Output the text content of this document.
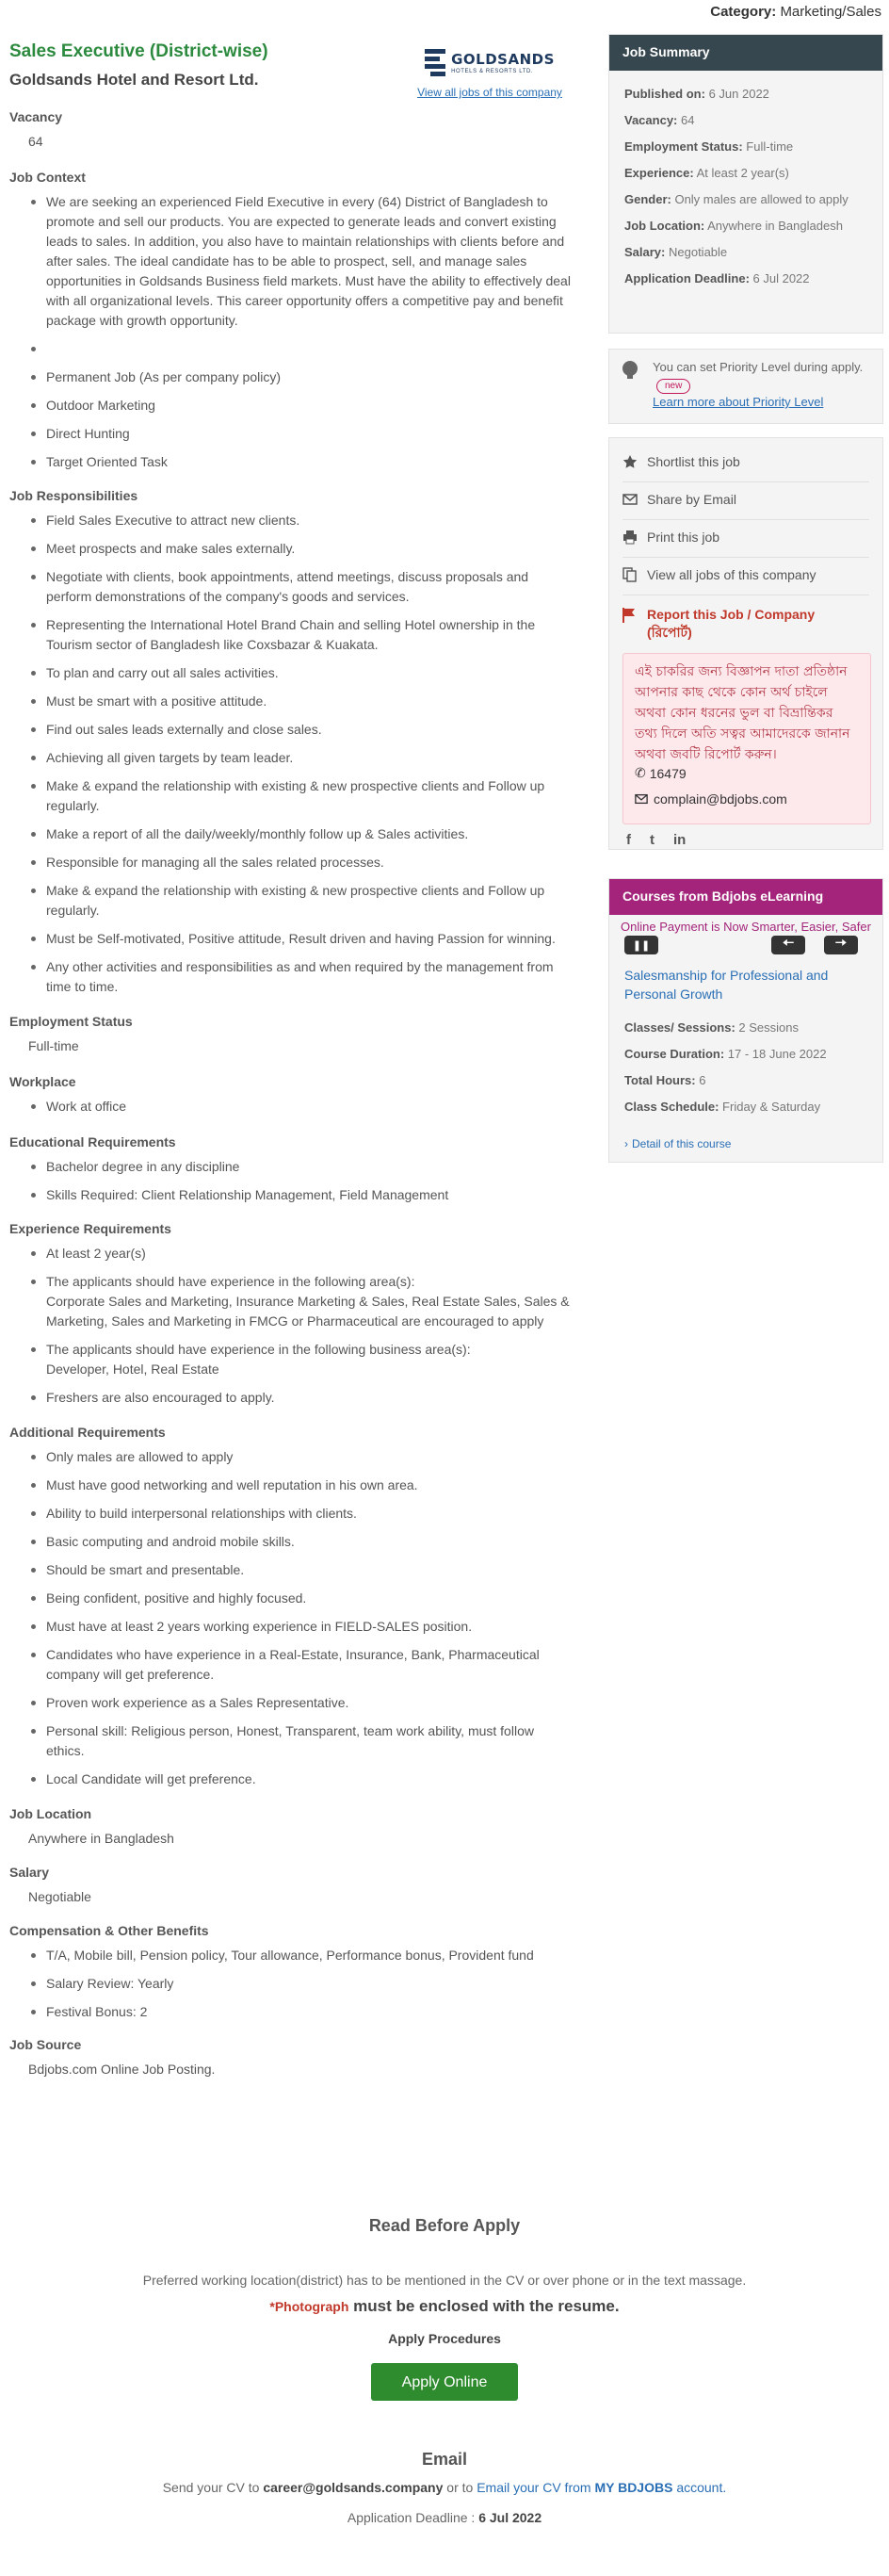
Category: Marketing/Sales
Sales Executive (District-wise)
Goldsands Hotel and Resort Ltd.
GOLDSANDS
HOTELS & RESORTS LTD.
View all jobs of this company
Vacancy
64
Job Context
We are seeking an experienced Field Executive in every (64) District of Bangladesh to promote and sell our products. You are expected to generate leads and convert existing leads to sales. In addition, you also have to maintain relationships with clients before and after sales. The ideal candidate has to be able to prospect, sell, and manage sales opportunities in Goldsands Business field markets. Must have the ability to effectively deal with all organizational levels. This career opportunity offers a competitive pay and benefit package with growth opportunity.
Permanent Job (As per company policy)
Outdoor Marketing
Direct Hunting
Target Oriented Task
Job Responsibilities
Field Sales Executive to attract new clients.
Meet prospects and make sales externally.
Negotiate with clients, book appointments, attend meetings, discuss proposals and perform demonstrations of the company's goods and services.
Representing the International Hotel Brand Chain and selling Hotel ownership in the Tourism sector of Bangladesh like Coxsbazar & Kuakata.
To plan and carry out all sales activities.
Must be smart with a positive attitude.
Find out sales leads externally and close sales.
Achieving all given targets by team leader.
Make & expand the relationship with existing & new prospective clients and Follow up regularly.
Make a report of all the daily/weekly/monthly follow up & Sales activities.
Responsible for managing all the sales related processes.
Make & expand the relationship with existing & new prospective clients and Follow up regularly.
Must be Self-motivated, Positive attitude, Result driven and having Passion for winning.
Any other activities and responsibilities as and when required by the management from time to time.
Employment Status
Full-time
Workplace
Work at office
Educational Requirements
Bachelor degree in any discipline
Skills Required: Client Relationship Management, Field Management
Experience Requirements
At least 2 year(s)
The applicants should have experience in the following area(s):
Corporate Sales and Marketing, Insurance Marketing & Sales, Real Estate Sales, Sales & Marketing, Sales and Marketing in FMCG or Pharmaceutical are encouraged to apply
The applicants should have experience in the following business area(s):
Developer, Hotel, Real Estate
Freshers are also encouraged to apply.
Additional Requirements
Only males are allowed to apply
Must have good networking and well reputation in his own area.
Ability to build interpersonal relationships with clients.
Basic computing and android mobile skills.
Should be smart and presentable.
Being confident, positive and highly focused.
Must have at least 2 years working experience in FIELD-SALES position.
Candidates who have experience in a Real-Estate, Insurance, Bank, Pharmaceutical company will get preference.
Proven work experience as a Sales Representative.
Personal skill: Religious person, Honest, Transparent, team work ability, must follow ethics.
Local Candidate will get preference.
Job Location
Anywhere in Bangladesh
Salary
Negotiable
Compensation & Other Benefits
T/A, Mobile bill, Pension policy, Tour allowance, Performance bonus, Provident fund
Salary Review: Yearly
Festival Bonus: 2
Job Source
Bdjobs.com Online Job Posting.
Job Summary
Published on: 6 Jun 2022
Vacancy: 64
Employment Status: Full-time
Experience: At least 2 year(s)
Gender: Only males are allowed to apply
Job Location: Anywhere in Bangladesh
Salary: Negotiable
Application Deadline: 6 Jul 2022
You can set Priority Level during apply. new
Learn more about Priority Level
Shortlist this job
Share by Email
Print this job
View all jobs of this company
Report this Job / Company (রিপোর্ট)
এই চাকরির জন্য বিজ্ঞাপন দাতা প্রতিষ্ঠান আপনার কাছ থেকে কোন অর্থ চাইলে অথবা কোন ধরনের ভুল বা বিভ্রান্তিকর তথ্য দিলে অতি সত্বর আমাদেরকে জানান অথবা জবটি রিপোর্ট করুন।
✆ 16479
complain@bdjobs.com
f t in
Courses from Bdjobs eLearning
Online Payment is Now Smarter, Easier, Safer
❚❚	🠤	🠦
Salesmanship for Professional and Personal Growth
Classes/ Sessions: 2 Sessions
Course Duration: 17 - 18 June 2022
Total Hours: 6
Class Schedule: Friday & Saturday
› Detail of this course
Read Before Apply
Preferred working location(district) has to be mentioned in the CV or over phone or in the text massage.
*Photograph must be enclosed with the resume.
Apply Procedures
Apply Online
Email
Send your CV to career@goldsands.company or to Email your CV from MY BDJOBS account.
Application Deadline : 6 Jul 2022
